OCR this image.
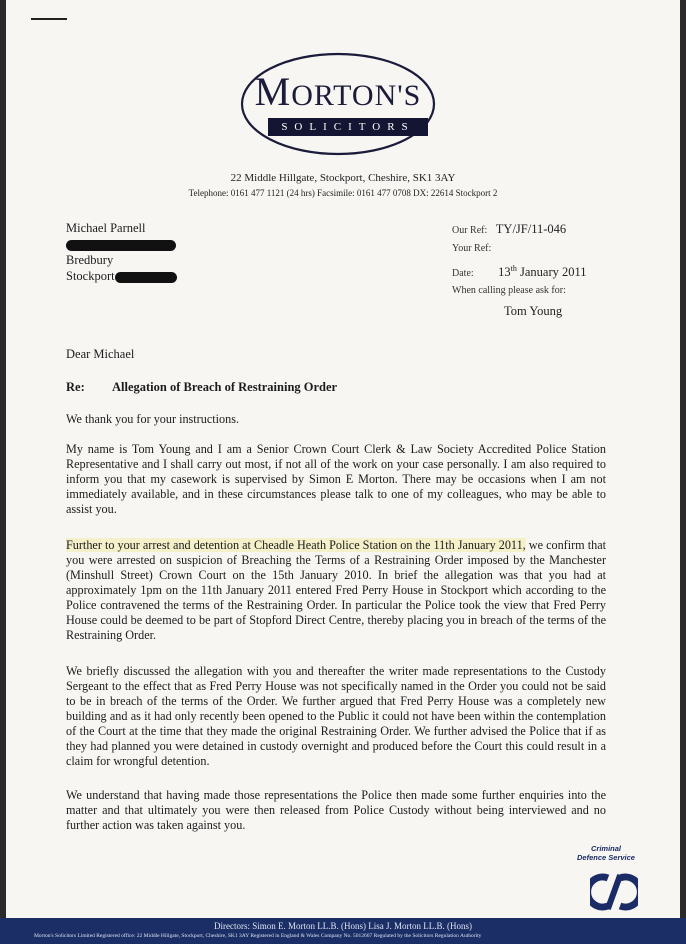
MORTON'S
SOLICITORS
22 Middle Hillgate, Stockport, Cheshire, SK1 3AY
Telephone: 0161 477 1121 (24 hrs) Facsimile: 0161 477 0708 DX: 22614 Stockport 2
Michael Parnell
Bredbury
Stockport
Our Ref: TY/JF/11-046
Your Ref:
Date: 13th January 2011
When calling please ask for:
Tom Young
Dear Michael
Re: Allegation of Breach of Restraining Order
We thank you for your instructions.
My name is Tom Young and I am a Senior Crown Court Clerk & Law Society Accredited Police Station Representative and I shall carry out most, if not all of the work on your case personally. I am also required to inform you that my casework is supervised by Simon E Morton. There may be occasions when I am not immediately available, and in these circumstances please talk to one of my colleagues, who may be able to assist you.
Further to your arrest and detention at Cheadle Heath Police Station on the 11th January 2011, we confirm that you were arrested on suspicion of Breaching the Terms of a Restraining Order imposed by the Manchester (Minshull Street) Crown Court on the 15th January 2010. In brief the allegation was that you had at approximately 1pm on the 11th January 2011 entered Fred Perry House in Stockport which according to the Police contravened the terms of the Restraining Order. In particular the Police took the view that Fred Perry House could be deemed to be part of Stopford Direct Centre, thereby placing you in breach of the terms of the Restraining Order.
We briefly discussed the allegation with you and thereafter the writer made representations to the Custody Sergeant to the effect that as Fred Perry House was not specifically named in the Order you could not be said to be in breach of the terms of the Order. We further argued that Fred Perry House was a completely new building and as it had only recently been opened to the Public it could not have been within the contemplation of the Court at the time that they made the original Restraining Order. We further advised the Police that if as they had planned you were detained in custody overnight and produced before the Court this could result in a claim for wrongful detention.
We understand that having made those representations the Police then made some further enquiries into the matter and that ultimately you were then released from Police Custody without being interviewed and no further action was taken against you.
Criminal
Defence Service
Directors: Simon E. Morton LL.B. (Hons) Lisa J. Morton LL.B. (Hons)
Morton's Solicitors Limited Registered office: 22 Middle Hillgate, Stockport, Cheshire, SK1 3AY Registered in England & Wales Company No. 5012667 Regulated by the Solicitors Regulation Authority
